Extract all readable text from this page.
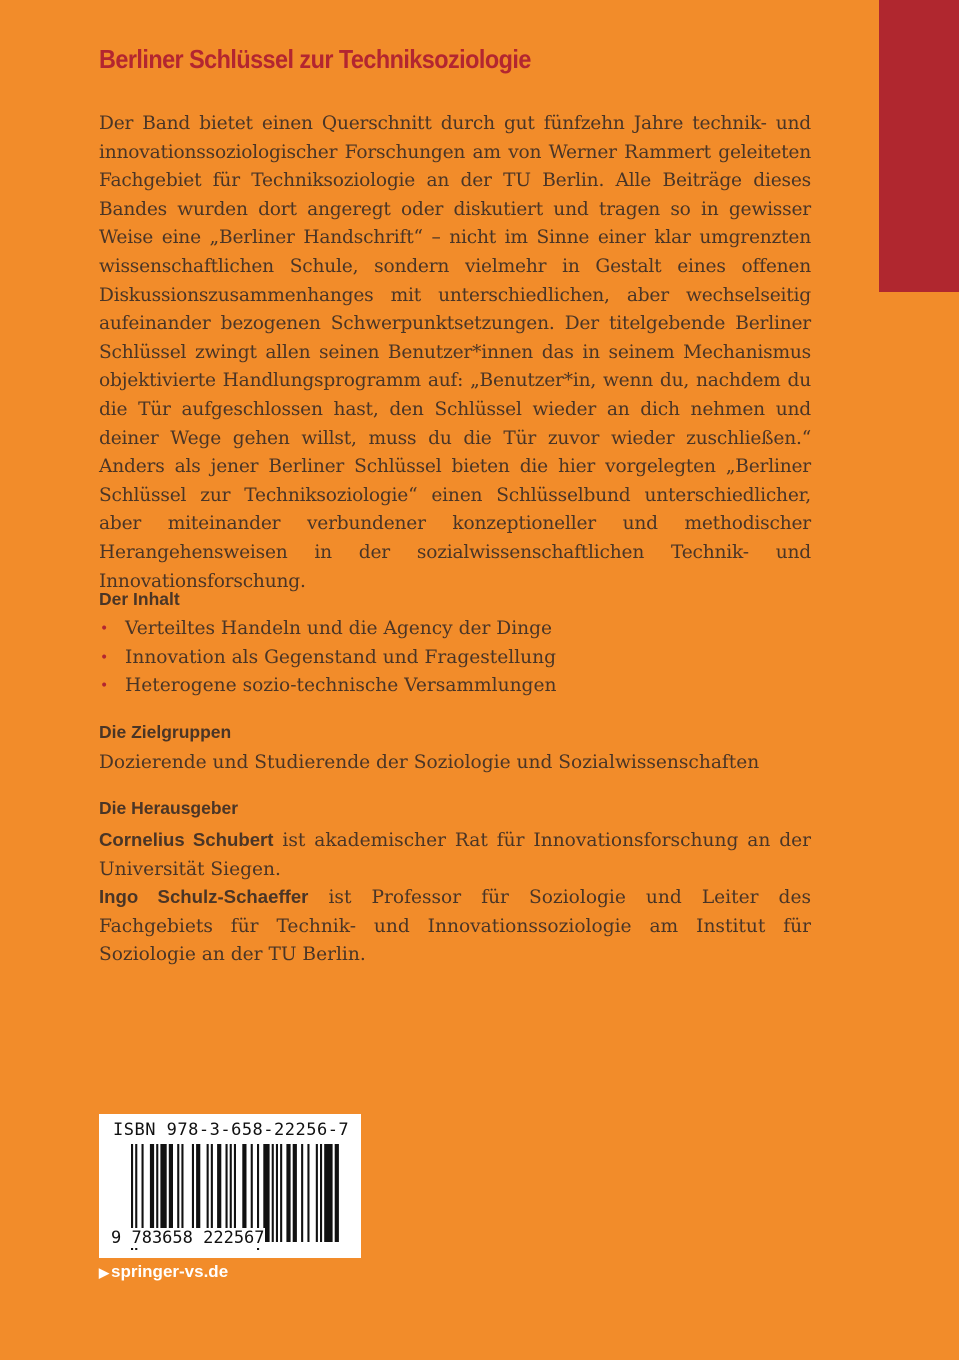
Berliner Schlüssel zur Techniksoziologie

Der Band bietet einen Querschnitt durch gut fünfzehn Jahre technik- und innovationssoziologischer Forschungen am von Werner Rammert geleiteten Fachgebiet für Techniksoziologie an der TU Berlin. Alle Beiträge dieses Bandes wurden dort angeregt oder diskutiert und tragen so in gewisser Weise eine „Berliner Handschrift“ – nicht im Sinne einer klar umgrenzten wissenschaftlichen Schule, sondern vielmehr in Gestalt eines offenen Diskussionszusammenhanges mit unterschiedlichen, aber wechselseitig aufeinander bezogenen Schwerpunktsetzungen. Der titelgebende Berliner Schlüssel zwingt allen seinen Benutzer*innen das in seinem Mechanismus objektivierte Handlungsprogramm auf: „Benutzer*in, wenn du, nachdem du die Tür aufgeschlossen hast, den Schlüssel wieder an dich nehmen und deiner Wege gehen willst, muss du die Tür zuvor wieder zuschließen.“ Anders als jener Berliner Schlüssel bieten die hier vorgelegten „Berliner Schlüssel zur Techniksoziologie“ einen Schlüsselbund unterschiedlicher, aber miteinander verbundener konzeptioneller und methodischer Herangehensweisen in der sozialwissenschaftlichen Technik- und Innovationsforschung.

Der Inhalt
• Verteiltes Handeln und die Agency der Dinge
• Innovation als Gegenstand und Fragestellung
• Heterogene sozio-technische Versammlungen
Die Zielgruppen

Dozierende und Studierende der Soziologie und Sozialwissenschaften

Die Herausgeber

Cornelius Schubert ist akademischer Rat für Innovationsforschung an der Universität Siegen.

Ingo Schulz-Schaeffer ist Professor für Soziologie und Leiter des Fachgebiets für Technik- und Innovationssoziologie am Institut für Soziologie an der TU Berlin.

ISBN 978-3-658-22256-7
9 783658 222567
▶ springer-vs.de
